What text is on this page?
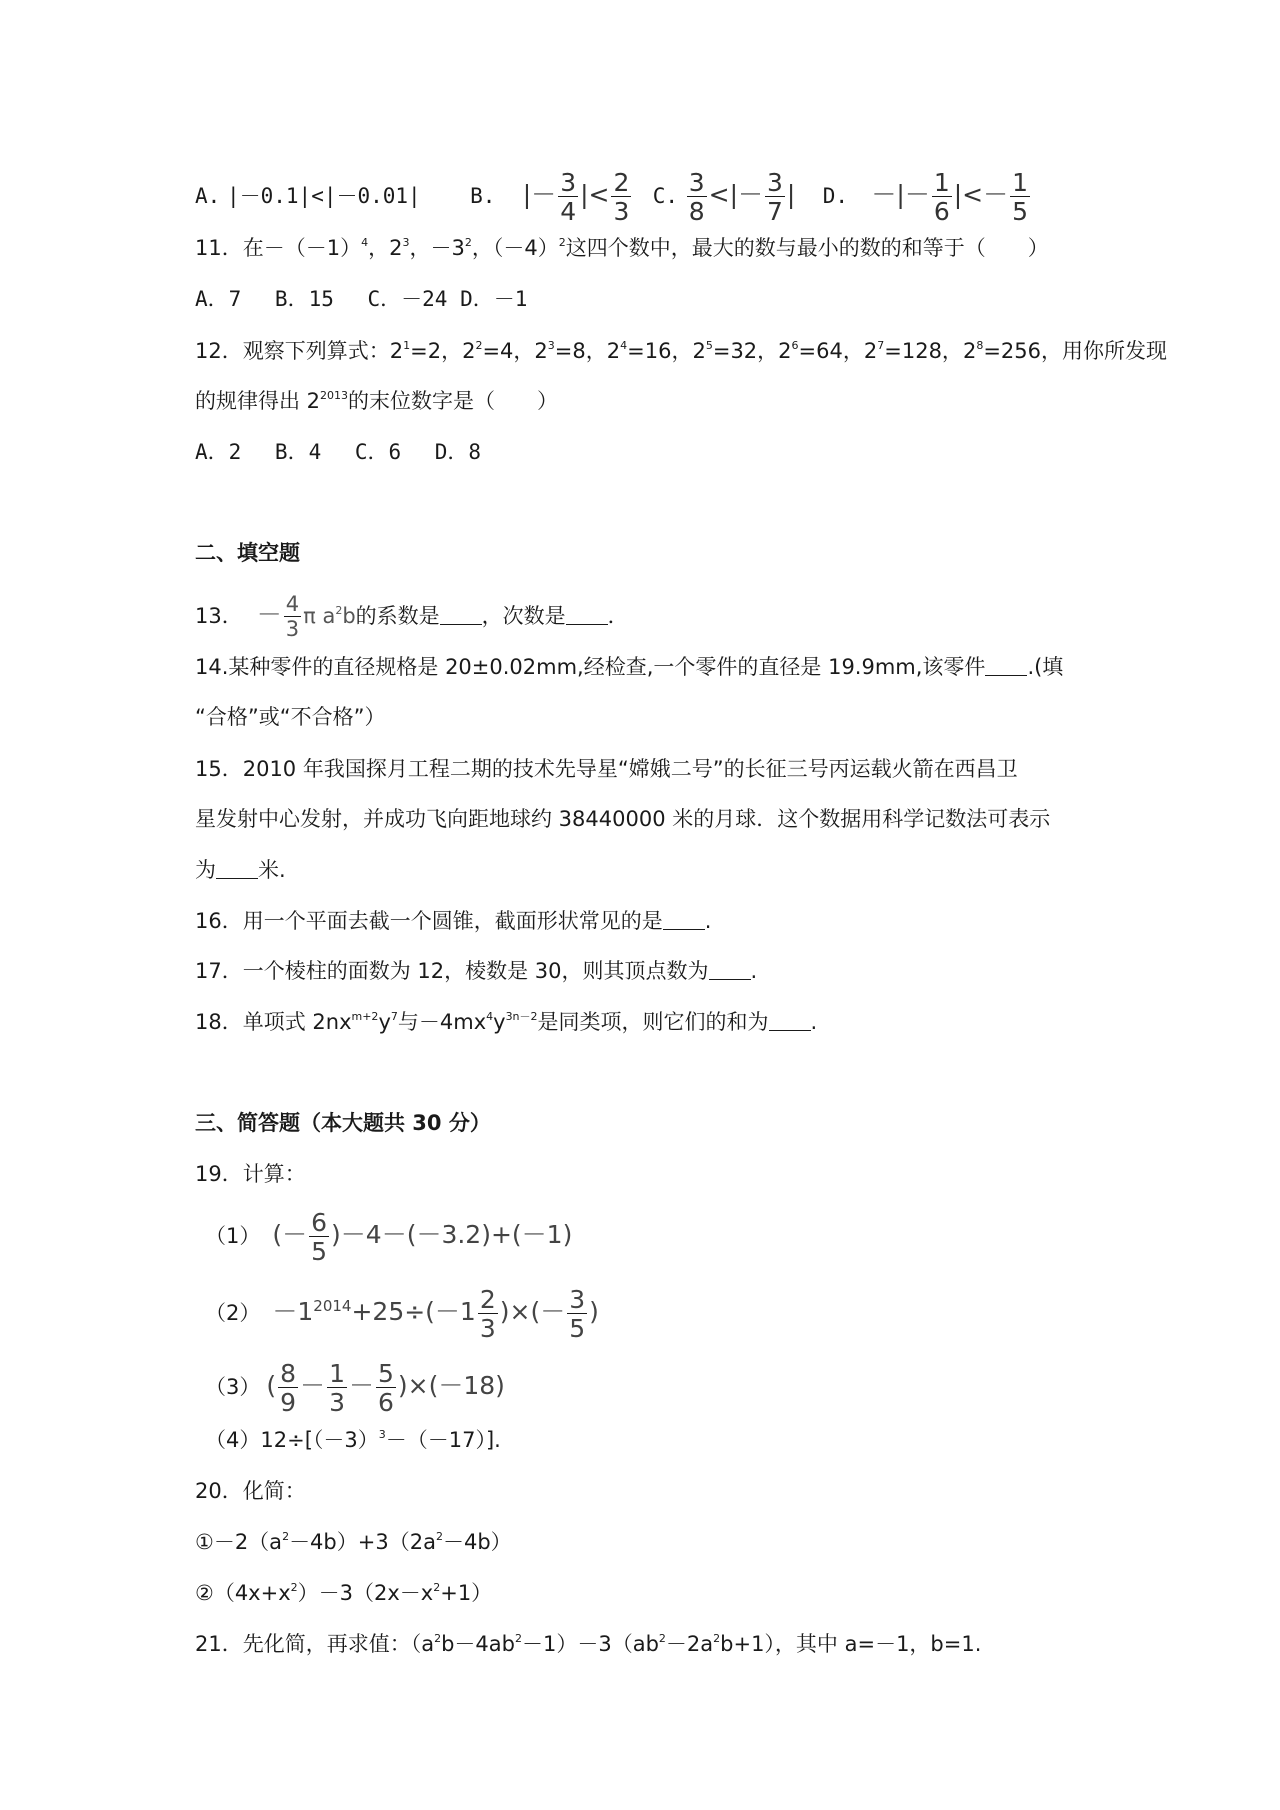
A. |－0.1|<|－0.01| B. |－ $\frac{3}{4}$ |< $\frac{2}{3} C$. $\frac{3}{8}$ <|－ $\frac{3}{7}$ | D. －|－ $\frac{1}{6}$ |<－ $\frac{1}{5}$
11．在$-(-1)^4$，$2^3$，$-3^2$，$(-4)^2$这四个数中，最大的数与最小的数的和等于（　　）
A．7　 B．15　 C．－24 D．－1
12．观察下列算式：$2^1=2$，$2^2=4$，$2^3=8$，$2^4=16$，$2^5=32$，$2^6=64$，$2^7=128$，$2^8=256$，用你所发现
的规律得出 $2^{2013}$的末位数字是（　　）
A．2　 B．4　 C．6　 D．8
二、填空题
13． － $\frac{4}{3}$ π $a^2b$的系数是 ，次数是 ．
14.某种零件的直径规格是 20±0.02mm,经检查,一个零件的直径是 19.9mm,该零件 .(填
“合格”或“不合格”）
15．2010 年我国探月工程二期的技术先导星“嫦娥二号”的长征三号丙运载火箭在西昌卫
星发射中心发射，并成功飞向距地球约 38440000 米的月球．这个数据用科学记数法可表示
为 米.
16．用一个平面去截一个圆锥，截面形状常见的是 .
17．一个棱柱的面数为 12，棱数是 30，则其顶点数为 .
18．单项式 $2nx^{m+2}y^7$与$-4mx^4y^{3n-2}$是同类项，则它们的和为 .
三、简答题（本大题共 30 分）
19．计算：
（1） (－ $\frac{6}{5} )-4-(-3.2)+(-1)$
$(2) -1^{2014}+25\div(-1 \frac{2}{3}$ )×(－ $\frac{3}{5}$ )
（3） ( $\frac{8}{9} - \frac{1}{3} - \frac{5}{6} )\times(-18)$
$(4)12\div[(-3)^3-(-17)]$.
20．化简：
$①-2(a^2-4b)+3(2a^2-4b)$
$②(4x+x^2)-3(2x-x^2+1)$
21．先化简，再求值：$(a^2b-4ab^2-1)-3(ab^2-2a^2b+1)$，其中 a=－1，b=1.
